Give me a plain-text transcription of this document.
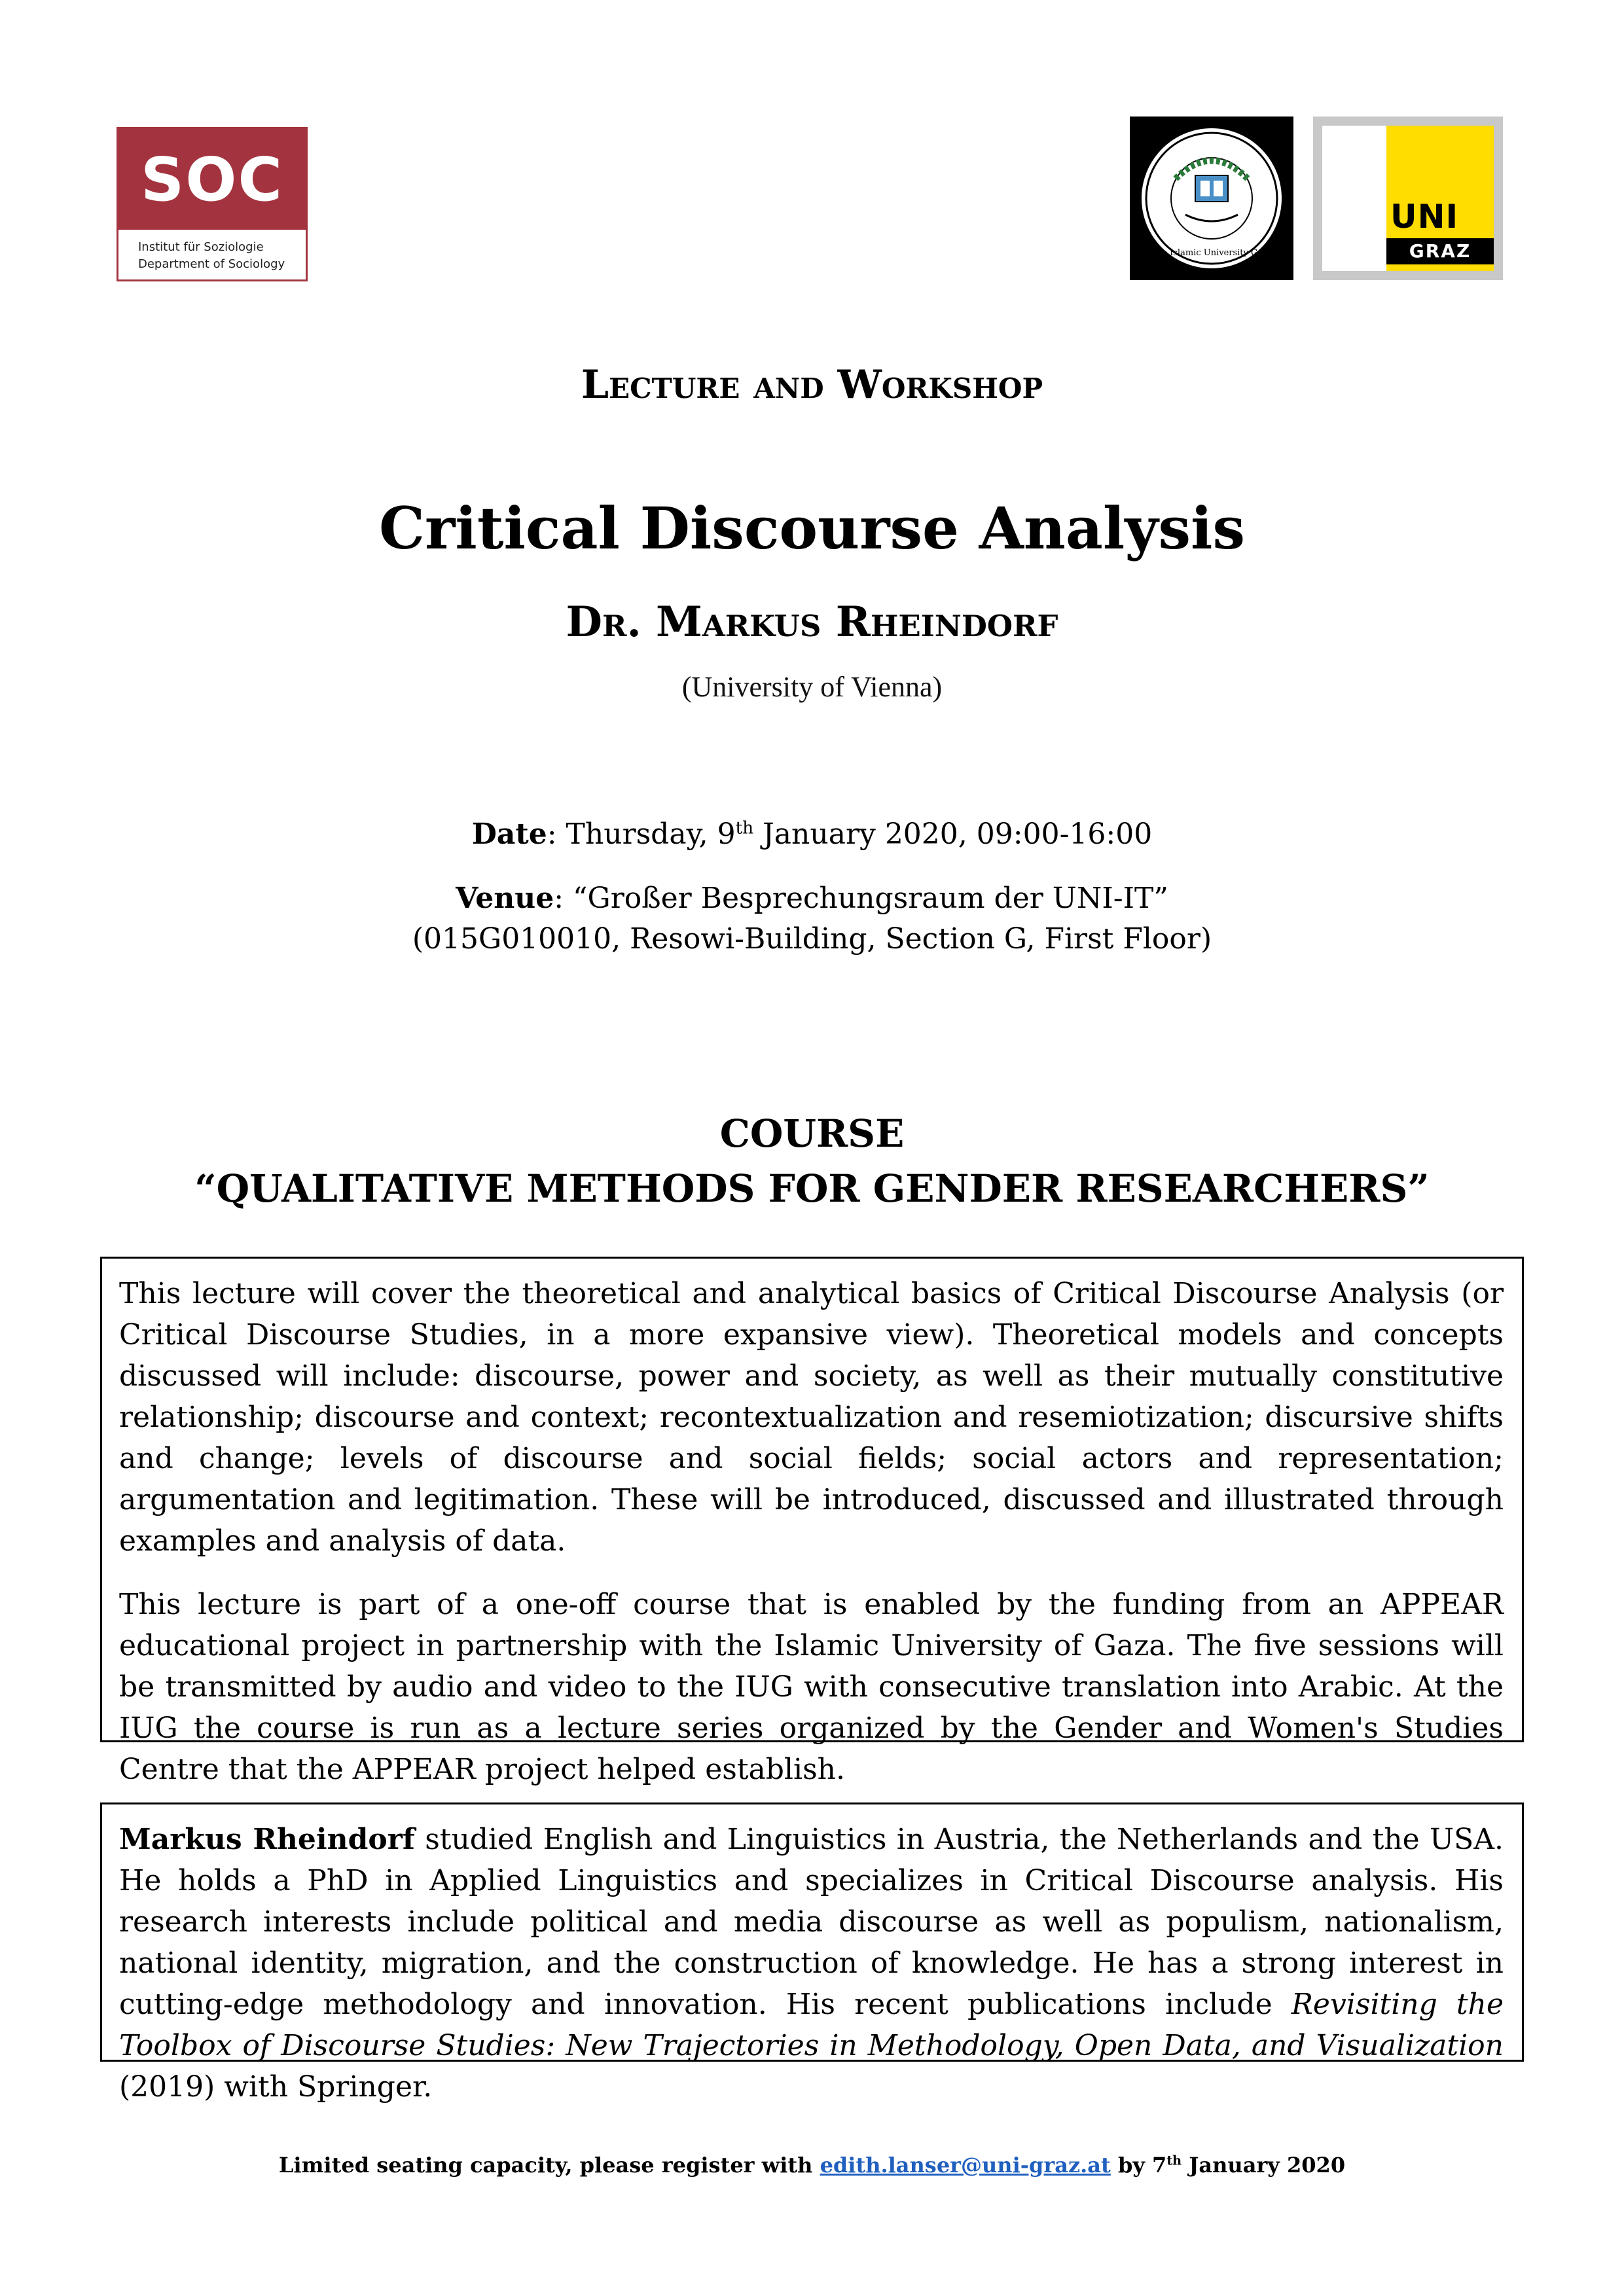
SOC
Institut für Soziologie
Department of Sociology
The Islamic University Gaza
UNI
GRAZ
Lecture and Workshop
Critical Discourse Analysis
Dr. Markus Rheindorf
(University of Vienna)
Date: Thursday, 9th January 2020, 09:00-16:00
Venue: “Großer Besprechungsraum der UNI-IT”
(015G010010, Resowi-Building, Section G, First Floor)
COURSE
“QUALITATIVE METHODS FOR GENDER RESEARCHERS”

This lecture will cover the theoretical and analytical basics of Critical Discourse Analysis (or Critical Discourse Studies, in a more expansive view). Theoretical models and concepts discussed will include: discourse, power and society, as well as their mutually constitutive relationship; discourse and context; recontextualization and resemiotization; discursive shifts and change; levels of discourse and social fields; social actors and representation; argumentation and legitimation. These will be introduced, discussed and illustrated through examples and analysis of data.

This lecture is part of a one-off course that is enabled by the funding from an APPEAR educational project in partnership with the Islamic University of Gaza. The five sessions will be transmitted by audio and video to the IUG with consecutive translation into Arabic. At the IUG the course is run as a lecture series organized by the Gender and Women's Studies Centre that the APPEAR project helped establish.

Markus Rheindorf studied English and Linguistics in Austria, the Netherlands and the USA. He holds a PhD in Applied Linguistics and specializes in Critical Discourse analysis. His research interests include political and media discourse as well as populism, nationalism, national identity, migration, and the construction of knowledge. He has a strong interest in cutting-edge methodology and innovation. His recent publications include Revisiting the Toolbox of Discourse Studies: New Trajectories in Methodology, Open Data, and Visualization (2019) with Springer.

Limited seating capacity, please register with edith.lanser@uni-graz.at by 7th January 2020
